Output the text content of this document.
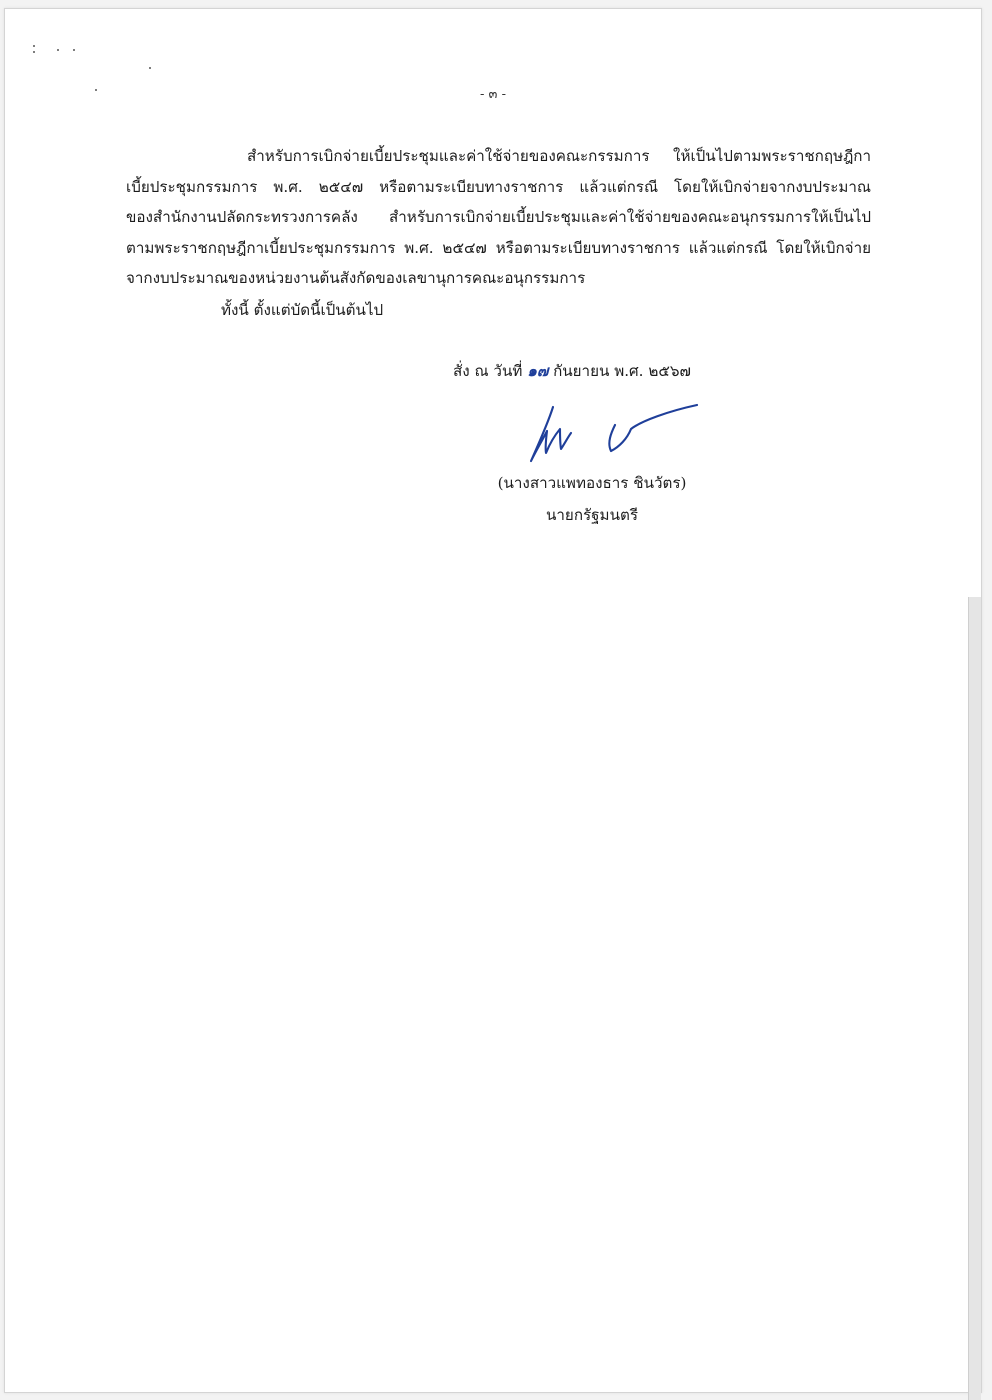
- ๓ -

สำหรับการเบิกจ่ายเบี้ยประชุมและค่าใช้จ่ายของคณะกรรมการ ให้เป็นไปตามพระราชกฤษฎีกา
เบี้ยประชุมกรรมการ พ.ศ. ๒๕๔๗ หรือตามระเบียบทางราชการ แล้วแต่กรณี โดยให้เบิกจ่ายจากงบประมาณ
ของสำนักงานปลัดกระทรวงการคลัง สำหรับการเบิกจ่ายเบี้ยประชุมและค่าใช้จ่ายของคณะอนุกรรมการให้เป็นไป
ตามพระราชกฤษฎีกาเบี้ยประชุมกรรมการ พ.ศ. ๒๕๔๗ หรือตามระเบียบทางราชการ แล้วแต่กรณี โดยให้เบิกจ่าย
จากงบประมาณของหน่วยงานต้นสังกัดของเลขานุการคณะอนุกรรมการ

ทั้งนี้ ตั้งแต่บัดนี้เป็นต้นไป
สั่ง ณ วันที่ ๑๗ กันยายน พ.ศ. ๒๕๖๗
(นางสาวแพทองธาร ชินวัตร)
นายกรัฐมนตรี
